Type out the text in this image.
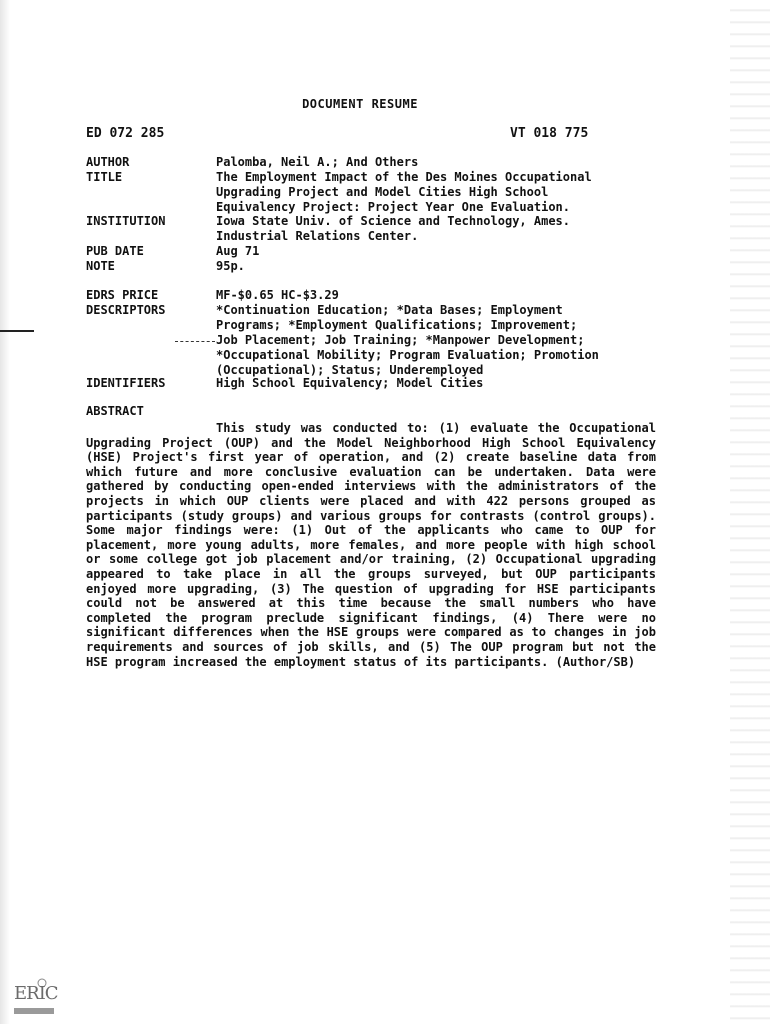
DOCUMENT RESUME
ED 072 285	VT 018 775
AUTHOR	Palomba, Neil A.; And Others
TITLE	The Employment Impact of the Des Moines Occupational
Upgrading Project and Model Cities High School
Equivalency Project: Project Year One Evaluation.
INSTITUTION	Iowa State Univ. of Science and Technology, Ames.
Industrial Relations Center.
PUB DATE	Aug 71
NOTE	95p.
EDRS PRICE	MF-$0.65 HC-$3.29
DESCRIPTORS	*Continuation Education; *Data Bases; Employment
Programs; *Employment Qualifications; Improvement;
Job Placement; Job Training; *Manpower Development;
*Occupational Mobility; Program Evaluation; Promotion
(Occupational); Status; Underemployed
IDENTIFIERS	High School Equivalency; Model Cities
ABSTRACT
This study was conducted to: (1) evaluate the Occupational Upgrading Project (OUP) and the Model Neighborhood High School Equivalency (HSE) Project's first year of operation, and (2) create baseline data from which future and more conclusive evaluation can be undertaken. Data were gathered by conducting open-ended interviews with the administrators of the projects in which OUP clients were placed and with 422 persons grouped as participants (study groups) and various groups for contrasts (control groups). Some major findings were: (1) Out of the applicants who came to OUP for placement, more young adults, more females, and more people with high school or some college got job placement and/or training, (2) Occupational upgrading appeared to take place in all the groups surveyed, but OUP participants enjoyed more upgrading, (3) The question of upgrading for HSE participants could not be answered at this time because the small numbers who have completed the program preclude significant findings, (4) There were no significant differences when the HSE groups were compared as to changes in job requirements and sources of job skills, and (5) The OUP program but not the HSE program increased the employment status of its participants. (Author/SB)
ERIC
